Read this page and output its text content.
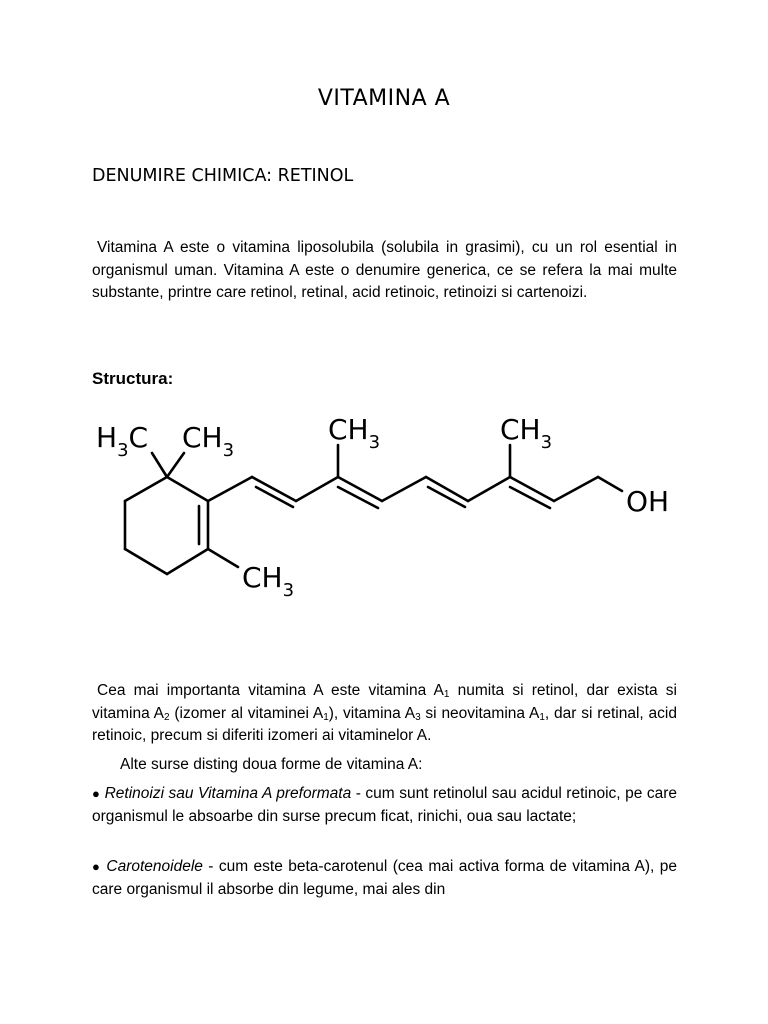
VITAMINA A
DENUMIRE CHIMICA: RETINOL

Vitamina A este o vitamina liposolubila (solubila in grasimi), cu un rol esential in organismul uman. Vitamina A este o denumire generica, ce se refera la mai multe substante, printre care retinol, retinal, acid retinoic, retinoizi si cartenoizi.

Structura:
$H_3C$ $CH_3$
$CH_3$
$CH_3$	$CH_3$
OH

Cea mai importanta vitamina A este vitamina $A_1$ numita si retinol, dar exista si vitamina $A_2$ (izomer al vitaminei $A_1$), vitamina $A_3$ si neovitamina $A_1$, dar si retinal, acid retinoic, precum si diferiti izomeri ai vitaminelor A.

Alte surse disting doua forme de vitamina A:

● Retinoizi sau Vitamina A preformata - cum sunt retinolul sau acidul retinoic, pe care organismul le absoarbe din surse precum ficat, rinichi, oua sau lactate;

● Carotenoidele - cum este beta-carotenul (cea mai activa forma de vitamina A), pe care organismul il absorbe din legume, mai ales din
